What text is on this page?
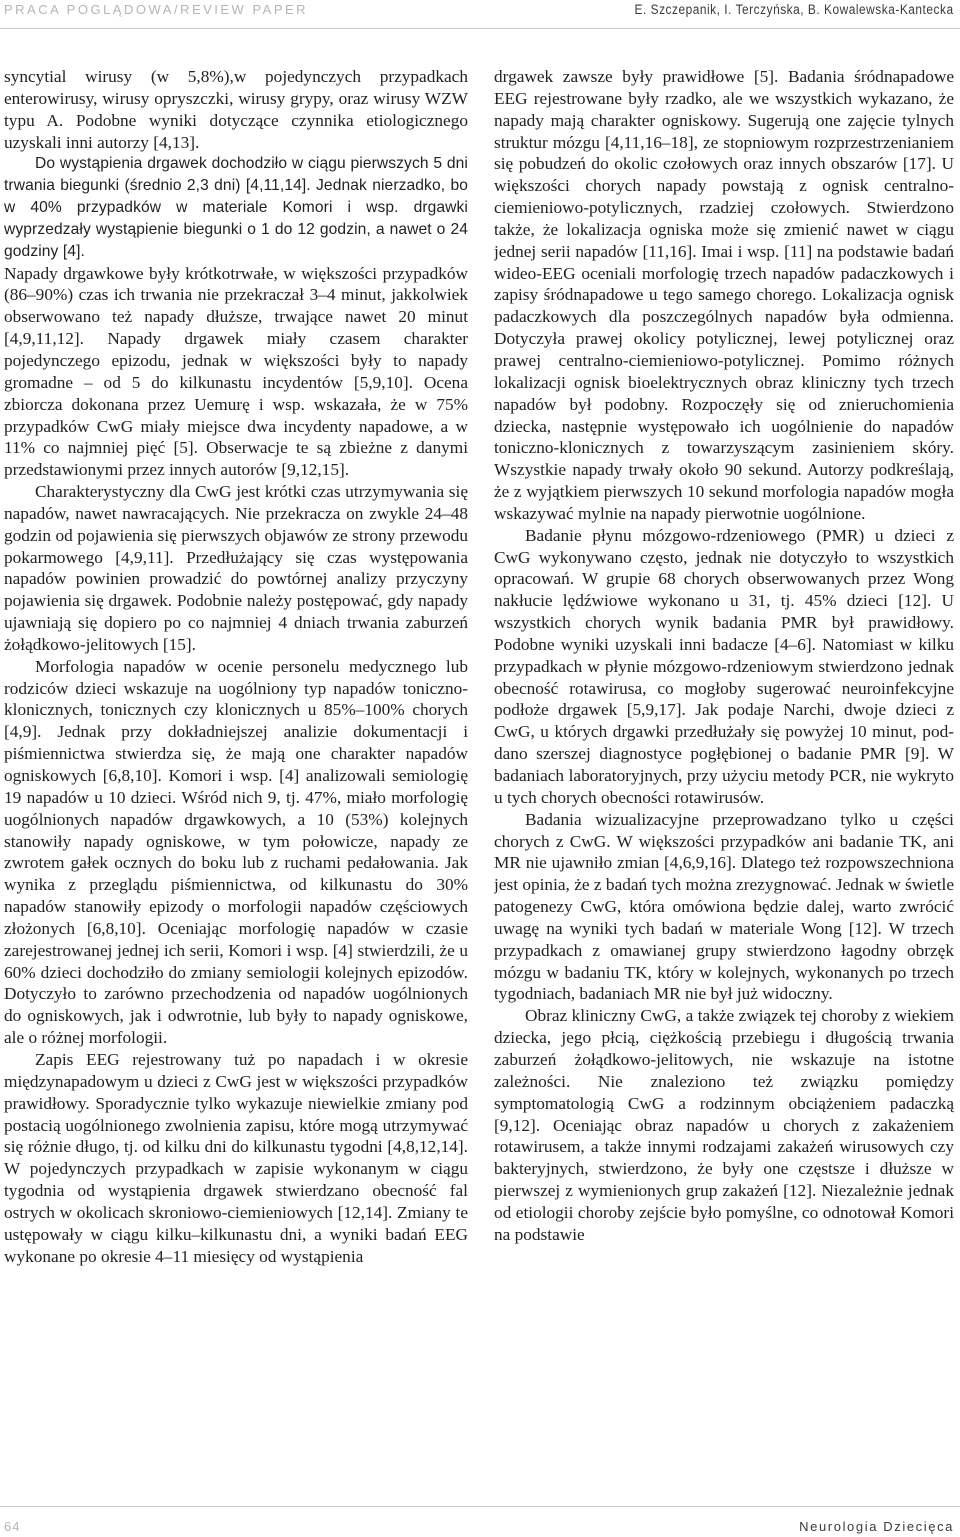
PRACA POGLĄDOWA/REVIEW PAPER	E. Szczepanik, I. Terczyńska, B. Kowalewska-Kantecka

syncytial wirusy (w 5,8%),w pojedynczych przypadkach enterowirusy, wirusy opryszczki, wirusy grypy, oraz wirusy WZW typu A. Podobne wyniki dotyczące czynnika etiologicznego uzyskali inni autorzy [4,13].

Do wystąpienia drgawek dochodziło w ciągu pierwszych 5 dni trwania biegunki (średnio 2,3 dni) [4,11,14]. Jednak nierzadko, bo w 40% przypadków w materiale Komori i wsp. drgawki wyprzedzały wystąpienie biegunki o 1 do 12 godzin, a nawet o 24 godziny [4].

Napady drgawkowe były krótkotrwałe, w większości przypadków (86–90%) czas ich trwania nie przekraczał 3–4 minut, jakkolwiek obserwowano też napady dłuższe, trwające nawet 20 minut [4,9,11,12]. Napady drgawek miały czasem charakter pojedynczego epizodu, jednak w większości były to napady gromadne – od 5 do kilkunastu incydentów [5,9,10]. Ocena zbiorcza dokonana przez Uemurę i wsp. wskazała, że w 75% przypadków CwG miały miejsce dwa incydenty napadowe, a w 11% co najmniej pięć [5]. Obserwacje te są zbieżne z danymi przedstawionymi przez innych autorów [9,12,15].

Charakterystyczny dla CwG jest krótki czas utrzymywania się napadów, nawet nawracających. Nie przekracza on zwykle 24–48 godzin od pojawienia się pierwszych objawów ze strony przewodu pokarmowego [4,9,11]. Przedłużający się czas występowania napadów powinien prowadzić do powtórnej analizy przyczyny pojawienia się drgawek. Podobnie należy postępować, gdy napady ujawniają się dopiero po co najmniej 4 dniach trwania zaburzeń żołądkowo-jelitowych [15].

Morfologia napadów w ocenie personelu medycznego lub rodziców dzieci wskazuje na uogólniony typ napadów toniczno-klonicznych, tonicznych czy klonicznych u 85%–100% chorych [4,9]. Jednak przy dokładniejszej analizie dokumentacji i piśmiennictwa stwierdza się, że mają one charakter napadów ogniskowych [6,8,10]. Komori i wsp. [4] analizowali semiologię 19 napadów u 10 dzieci. Wśród nich 9, tj. 47%, miało morfologię uogólnionych napadów drgawkowych, a 10 (53%) kolejnych stanowiły napady ogniskowe, w tym połowicze, napady ze zwrotem gałek ocznych do boku lub z ruchami pedałowania. Jak wynika z przeglądu piśmiennictwa, od kilkunastu do 30% napadów stanowiły epizody o morfologii napadów częściowych złożonych [6,8,10]. Oceniając morfologię napadów w czasie zarejestrowanej jednej ich serii, Komori i wsp. [4] stwierdzili, że u 60% dzieci dochodziło do zmiany semiologii kolejnych epizodów. Dotyczyło to zarówno przechodzenia od napadów uogólnionych do ogniskowych, jak i odwrotnie, lub były to napady ogniskowe, ale o różnej morfologii.

Zapis EEG rejestrowany tuż po napadach i w okresie międzynapadowym u dzieci z CwG jest w większości przypadków prawidłowy. Sporadycznie tylko wykazuje niewielkie zmiany pod postacią uogólnionego zwolnienia zapisu, które mogą utrzymywać się różnie długo, tj. od kilku dni do kilkunastu tygodni [4,8,12,14]. W pojedynczych przypadkach w zapisie wykonanym w ciągu tygodnia od wystąpienia drgawek stwierdzano obecność fal ostrych w okolicach skroniowo-ciemieniowych [12,14]. Zmiany te ustępowały w ciągu kilku–kilkunastu dni, a wyniki badań EEG wykonane po okresie 4–11 miesięcy od wystąpienia

drgawek zawsze były prawidłowe [5]. Badania śródnapadowe EEG rejestrowane były rzadko, ale we wszystkich wykazano, że napady mają charakter ogniskowy. Sugerują one zajęcie tylnych struktur mózgu [4,11,16–18], ze stopniowym rozprzestrzenianiem się pobudzeń do okolic czołowych oraz innych obszarów [17]. U większości chorych napady powstają z ognisk centralno-ciemieniowo-potylicznych, rzadziej czołowych. Stwierdzono także, że lokalizacja ogniska może się zmienić nawet w ciągu jednej serii napadów [11,16]. Imai i wsp. [11] na podstawie badań wideo-EEG oceniali morfologię trzech napadów padaczkowych i zapisy śródnapadowe u tego samego chorego. Lokalizacja ognisk padaczkowych dla poszczególnych napadów była odmienna. Dotyczyła prawej okolicy potylicznej, lewej potylicznej oraz prawej centralno-ciemieniowo-potylicznej. Pomimo różnych lokalizacji ognisk bioelektrycznych obraz kliniczny tych trzech napadów był podobny. Rozpoczęły się od znieruchomienia dziecka, następnie występowało ich uogólnienie do napadów toniczno-klonicznych z towarzyszącym zasinieniem skóry. Wszystkie napady trwały około 90 sekund. Autorzy podkreślają, że z wyjątkiem pierwszych 10 sekund morfologia napadów mogła wskazywać mylnie na napady pierwotnie uogólnione.

Badanie płynu mózgowo-rdzeniowego (PMR) u dzieci z CwG wykonywano często, jednak nie dotyczyło to wszystkich opracowań. W grupie 68 chorych obserwowanych przez Wong nakłucie lędźwiowe wykonano u 31, tj. 45% dzieci [12]. U wszystkich chorych wynik badania PMR był prawidłowy. Podobne wyniki uzyskali inni badacze [4–6]. Natomiast w kilku przypadkach w płynie mózgowo-rdzeniowym stwierdzono jednak obecność rotawirusa, co mogłoby sugerować neuroinfekcyjne podłoże drgawek [5,9,17]. Jak podaje Narchi, dwoje dzieci z CwG, u których drgawki przedłużały się powyżej 10 minut, poddano szerszej diagnostyce pogłębionej o badanie PMR [9]. W badaniach laboratoryjnych, przy użyciu metody PCR, nie wykryto u tych chorych obecności rotawirusów.

Badania wizualizacyjne przeprowadzano tylko u części chorych z CwG. W większości przypadków ani badanie TK, ani MR nie ujawniło zmian [4,6,9,16]. Dlatego też rozpowszechniona jest opinia, że z badań tych można zrezygnować. Jednak w świetle patogenezy CwG, która omówiona będzie dalej, warto zwrócić uwagę na wyniki tych badań w materiale Wong [12]. W trzech przypadkach z omawianej grupy stwierdzono łagodny obrzęk mózgu w badaniu TK, który w kolejnych, wykonanych po trzech tygodniach, badaniach MR nie był już widoczny.

Obraz kliniczny CwG, a także związek tej choroby z wiekiem dziecka, jego płcią, ciężkością przebiegu i długością trwania zaburzeń żołądkowo-jelitowych, nie wskazuje na istotne zależności. Nie znaleziono też związku pomiędzy symptomatologią CwG a rodzinnym obciążeniem padaczką [9,12]. Oceniając obraz napadów u chorych z zakażeniem rotawirusem, a także innymi rodzajami zakażeń wirusowych czy bakteryjnych, stwierdzono, że były one częstsze i dłuższe w pierwszej z wymienionych grup zakażeń [12]. Niezależnie jednak od etiologii choroby zejście było pomyślne, co odnotował Komori na podstawie

64	Neurologia Dziecięca
